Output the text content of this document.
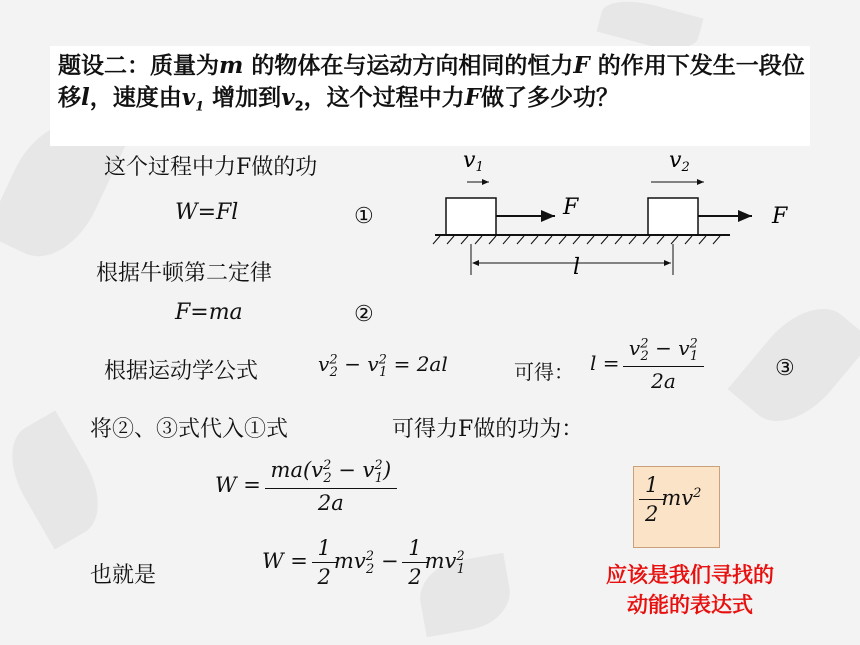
题设二：质量为m 的物体在与运动方向相同的恒力F 的作用下发生一段位移l，速度由$v_1$ 增加到$v_2$，这个过程中力F做了多少功？
这个过程中力F做的功
W=Fl	①
v1	v2
F	F
l
根据牛顿第二定律
F=ma	②
根据运动学公式	$v^2_2 - v^2_1 = 2al$	可得： $l = \frac{v^2_2 - v^2_1}{2a}$	③
将②、③式代入①式	可得力F做的功为：
$W = \frac{ma(v^2_2 - v^2_1)}{2a}$	$\frac{1}{2} mv^2$
也就是
$W = \frac{1}{2} mv^2_2 - \frac{1}{2} mv^2_1$	应该是我们寻找的
动能的表达式
